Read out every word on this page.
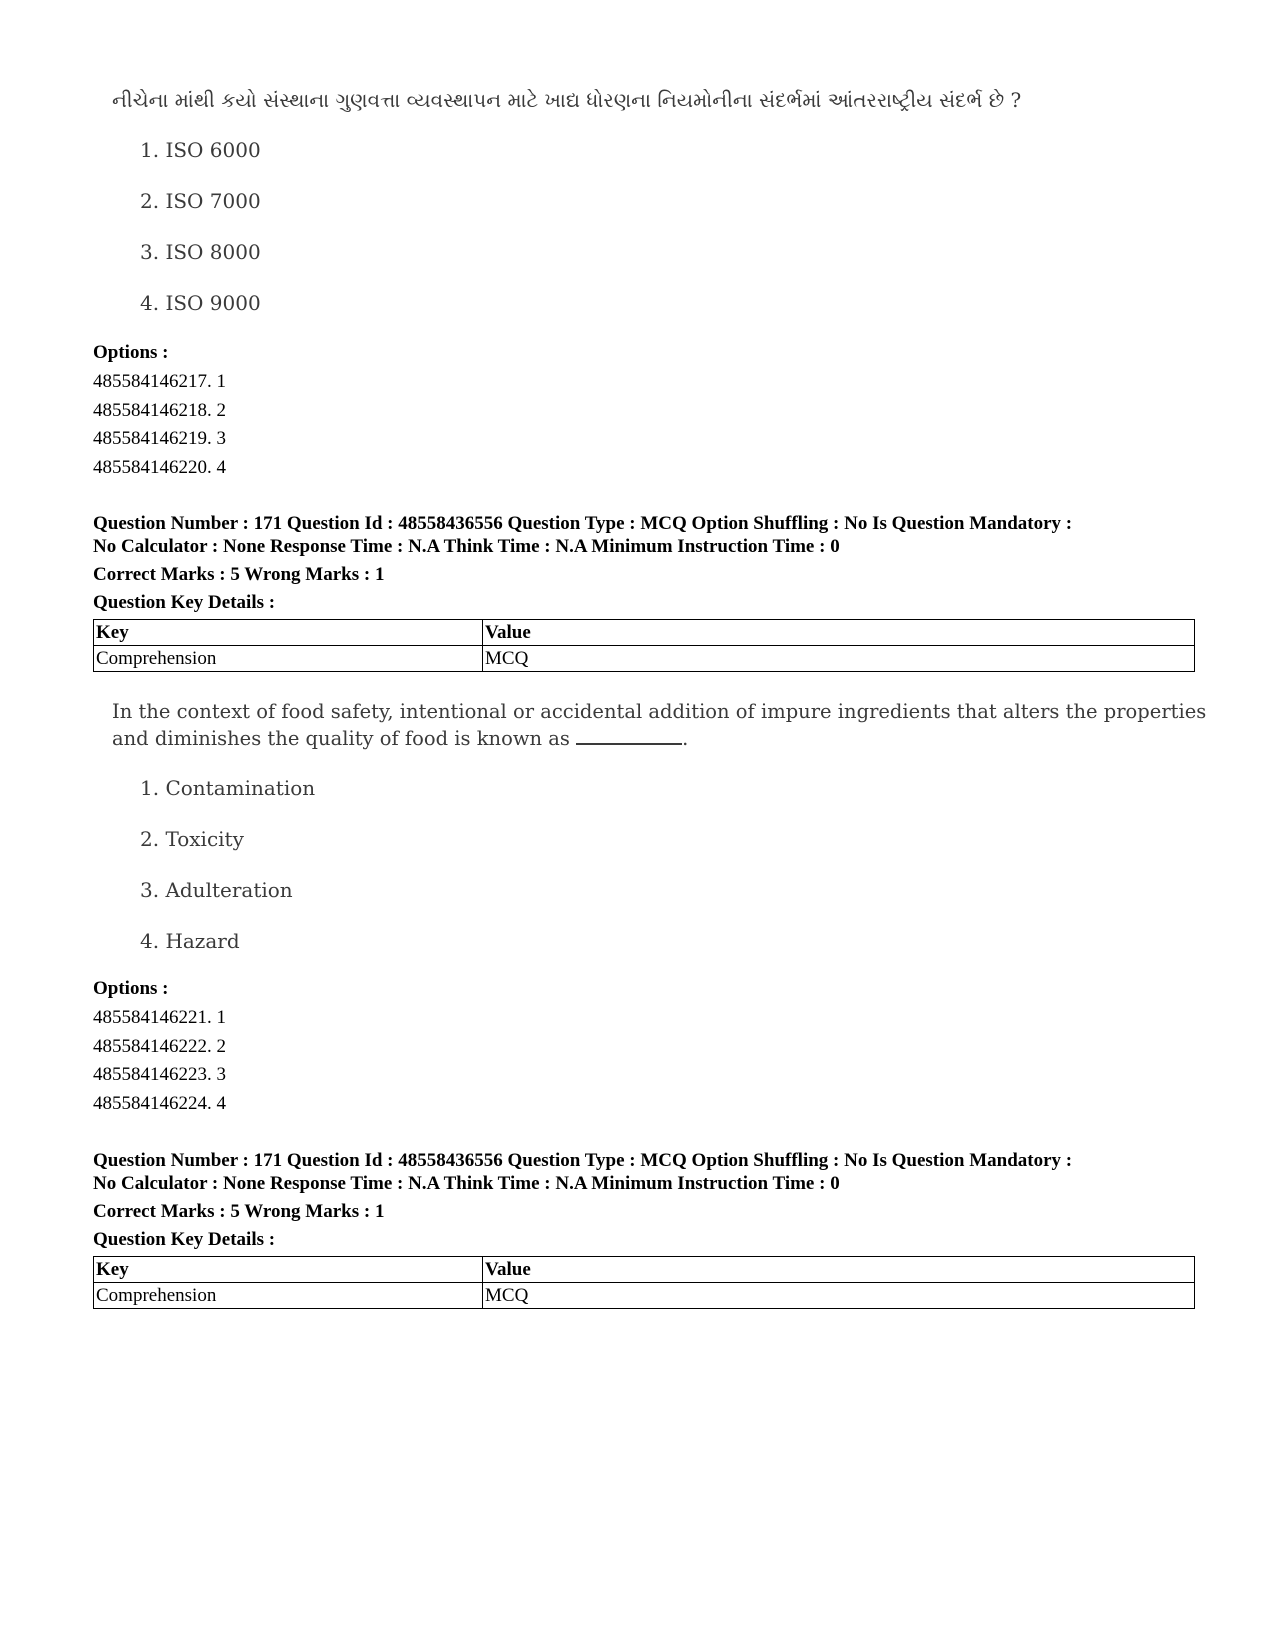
નીચેના માંથી કયો સંસ્થાના ગુણવત્તા વ્યવસ્થાપન માટે ખાદ્ય ધોરણના નિયમોનીના સંદર્ભમાં આંતરરાષ્ટ્રીય સંદર્ભ છે ?
1. ISO 6000
2. ISO 7000
3. ISO 8000
4. ISO 9000
Options :
485584146217. 1
485584146218. 2
485584146219. 3
485584146220. 4
Question Number : 171 Question Id : 48558436556 Question Type : MCQ Option Shuffling : No Is Question Mandatory :
No Calculator : None Response Time : N.A Think Time : N.A Minimum Instruction Time : 0
Correct Marks : 5 Wrong Marks : 1
Question Key Details :
Key	Value
Comprehension	MCQ
In the context of food safety, intentional or accidental addition of impure ingredients that alters the properties
and diminishes the quality of food is known as	.
1. Contamination
2. Toxicity
3. Adulteration
4. Hazard
Options :
485584146221. 1
485584146222. 2
485584146223. 3
485584146224. 4
Question Number : 171 Question Id : 48558436556 Question Type : MCQ Option Shuffling : No Is Question Mandatory :
No Calculator : None Response Time : N.A Think Time : N.A Minimum Instruction Time : 0
Correct Marks : 5 Wrong Marks : 1
Question Key Details :
Key	Value
Comprehension	MCQ
